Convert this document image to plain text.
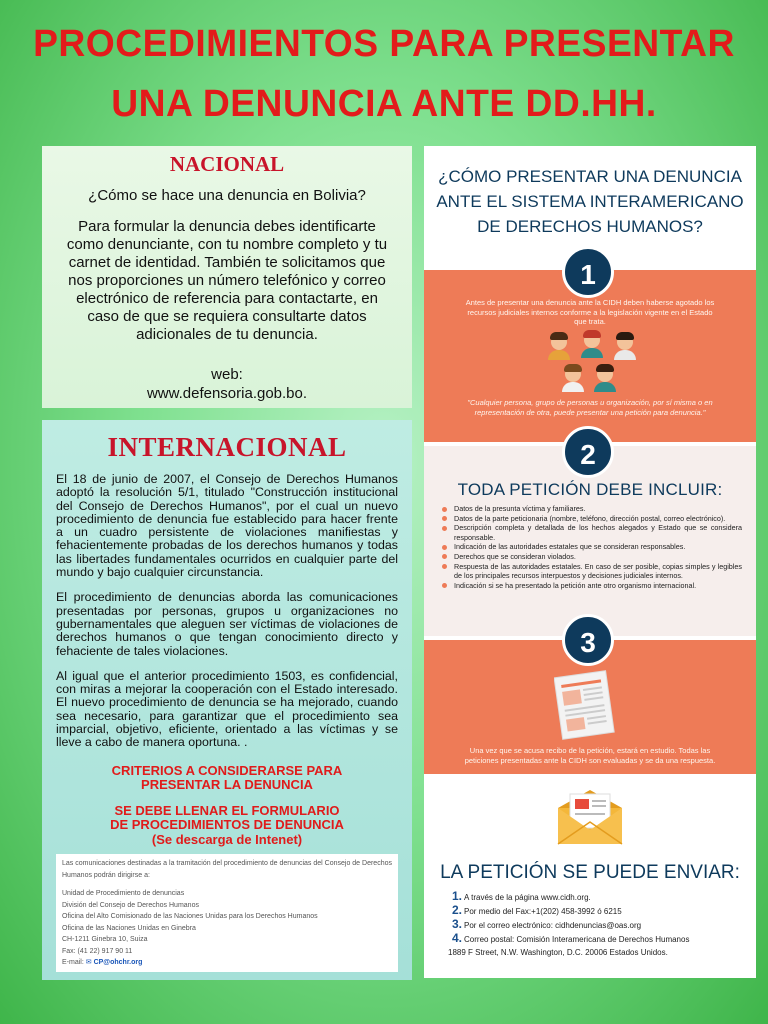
PROCEDIMIENTOS PARA PRESENTAR
UNA DENUNCIA ANTE DD.HH.
NACIONAL
¿Cómo se hace una denuncia en Bolivia?
Para formular la denuncia debes identificarte como denunciante, con tu nombre completo y tu carnet de identidad. También te solicitamos que nos proporciones un número telefónico y correo electrónico de referencia para contactarte, en caso de que se requiera consultarte datos adicionales de tu denuncia.
web:
www.defensoria.gob.bo.
INTERNACIONAL

El 18 de junio de 2007, el Consejo de Derechos Humanos adoptó la resolución 5/1, titulado "Construcción institucional del Consejo de Derechos Humanos", por el cual un nuevo procedimiento de denuncia fue establecido para hacer frente a un cuadro persistente de violaciones manifiestas y fehacientemente probadas de los derechos humanos y todas las libertades fundamentales ocurridos en cualquier parte del mundo y bajo cualquier circunstancia.

El procedimiento de denuncias aborda las comunicaciones presentadas por personas, grupos u organizaciones no gubernamentales que aleguen ser víctimas de violaciones de derechos humanos o que tengan conocimiento directo y fehaciente de tales violaciones.

Al igual que el anterior procedimiento 1503, es confidencial, con miras a mejorar la cooperación con el Estado interesado. El nuevo procedimiento de denuncia se ha mejorado, cuando sea necesario, para garantizar que el procedimiento sea imparcial, objetivo, eficiente, orientado a las víctimas y se lleve a cabo de manera oportuna. .

CRITERIOS A CONSIDERARSE PARA
PRESENTAR LA DENUNCIA
SE DEBE LLENAR EL FORMULARIO
DE PROCEDIMIENTOS DE DENUNCIA
(Se descarga de Intenet)
Las comunicaciones destinadas a la tramitación del procedimiento de denuncias del Consejo de Derechos Humanos podrán dirigirse a:
Unidad de Procedimiento de denuncias
División del Consejo de Derechos Humanos
Oficina del Alto Comisionado de las Naciones Unidas para los Derechos Humanos
Oficina de las Naciones Unidas en Ginebra
CH-1211 Ginebra 10, Suiza
Fax: (41 22) 917 90 11
E-mail: ✉ CP@ohchr.org
¿CÓMO PRESENTAR UNA DENUNCIA
ANTE EL SISTEMA INTERAMERICANO
DE DERECHOS HUMANOS?
1
Antes de presentar una denuncia ante la CIDH deben haberse agotado los recursos judiciales internos conforme a la legislación vigente en el Estado que trata.
"Cualquier persona, grupo de personas u organización, por sí misma o en representación de otra, puede presentar una petición para denuncia."
2
TODA PETICIÓN DEBE INCLUIR:
Datos de la presunta víctima y familiares.
Datos de la parte peticionaria (nombre, teléfono, dirección postal, correo electrónico).
Descripción completa y detallada de los hechos alegados y Estado que se considera responsable.
Indicación de las autoridades estatales que se consideran responsables.
Derechos que se consideran violados.
Respuesta de las autoridades estatales. En caso de ser posible, copias simples y legibles de los principales recursos interpuestos y decisiones judiciales internos.
Indicación si se ha presentado la petición ante otro organismo internacional.
3
Una vez que se acusa recibo de la petición, estará en estudio. Todas las peticiones presentadas ante la CIDH son evaluadas y se da una respuesta.
LA PETICIÓN SE PUEDE ENVIAR:
1. A través de la página www.cidh.org.
2. Por medio del Fax:+1(202) 458-3992 ó 6215
3. Por el correo electrónico: cidhdenuncias@oas.org
4. Correo postal: Comisión Interamericana de Derechos Humanos
1889 F Street, N.W. Washington, D.C. 20006 Estados Unidos.
